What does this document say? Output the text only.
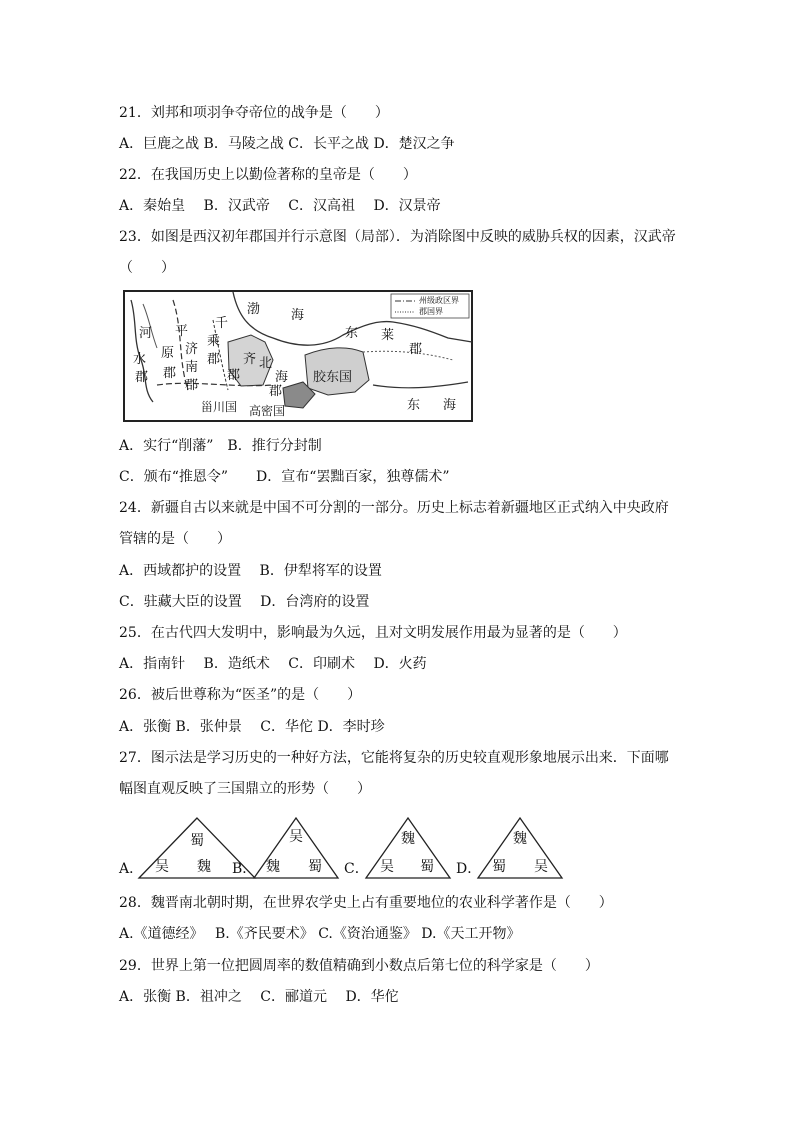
21．刘邦和项羽争夺帝位的战争是（　　）
A．巨鹿之战 B．马陵之战 C．长平之战 D．楚汉之争
22．在我国历史上以勤俭著称的皇帝是（　　）
A．秦始皇　 B．汉武帝　 C．汉高祖　 D．汉景帝
23．如图是西汉初年郡国并行示意图（局部）．为消除图中反映的威胁兵权的因素，汉武帝
（　　）
州级政区界
郡国界
渤 海
河
水
郡
平
原
郡
济
南
郡
千
乘
郡 齐
郡
北
海
郡
胶东国
东 莱
郡
甾川国 高密国	东 海
A．实行“削藩”　B．推行分封制
C．颁布“推恩令”　　D．宣布“罢黜百家，独尊儒术”
24．新疆自古以来就是中国不可分割的一部分。历史上标志着新疆地区正式纳入中央政府
管辖的是（　　）
A．西域都护的设置　 B．伊犁将军的设置
C．驻藏大臣的设置　 D．台湾府的设置
25．在古代四大发明中，影响最为久远，且对文明发展作用最为显著的是（　　）
A．指南针　 B．造纸术　 C．印刷术　 D．火药
26．被后世尊称为“医圣”的是（　　）
A．张衡 B．张仲景　 C．华佗 D．李时珍
27．图示法是学习历史的一种好方法，它能将复杂的历史较直观形象地展示出来．下面哪
幅图直观反映了三国鼎立的形势（　　）
A．
蜀
吴 魏 B．
吴
魏 蜀 C．
魏
吴 蜀 D．
魏
蜀 吴
28．魏晋南北朝时期，在世界农学史上占有重要地位的农业科学著作是（　　）
A.《道德经》　 B.《齐民要术》 C.《资治通鉴》 D.《天工开物》
29．世界上第一位把圆周率的数值精确到小数点后第七位的科学家是（　　）
A．张衡 B．祖冲之　 C．郦道元　 D．华佗
